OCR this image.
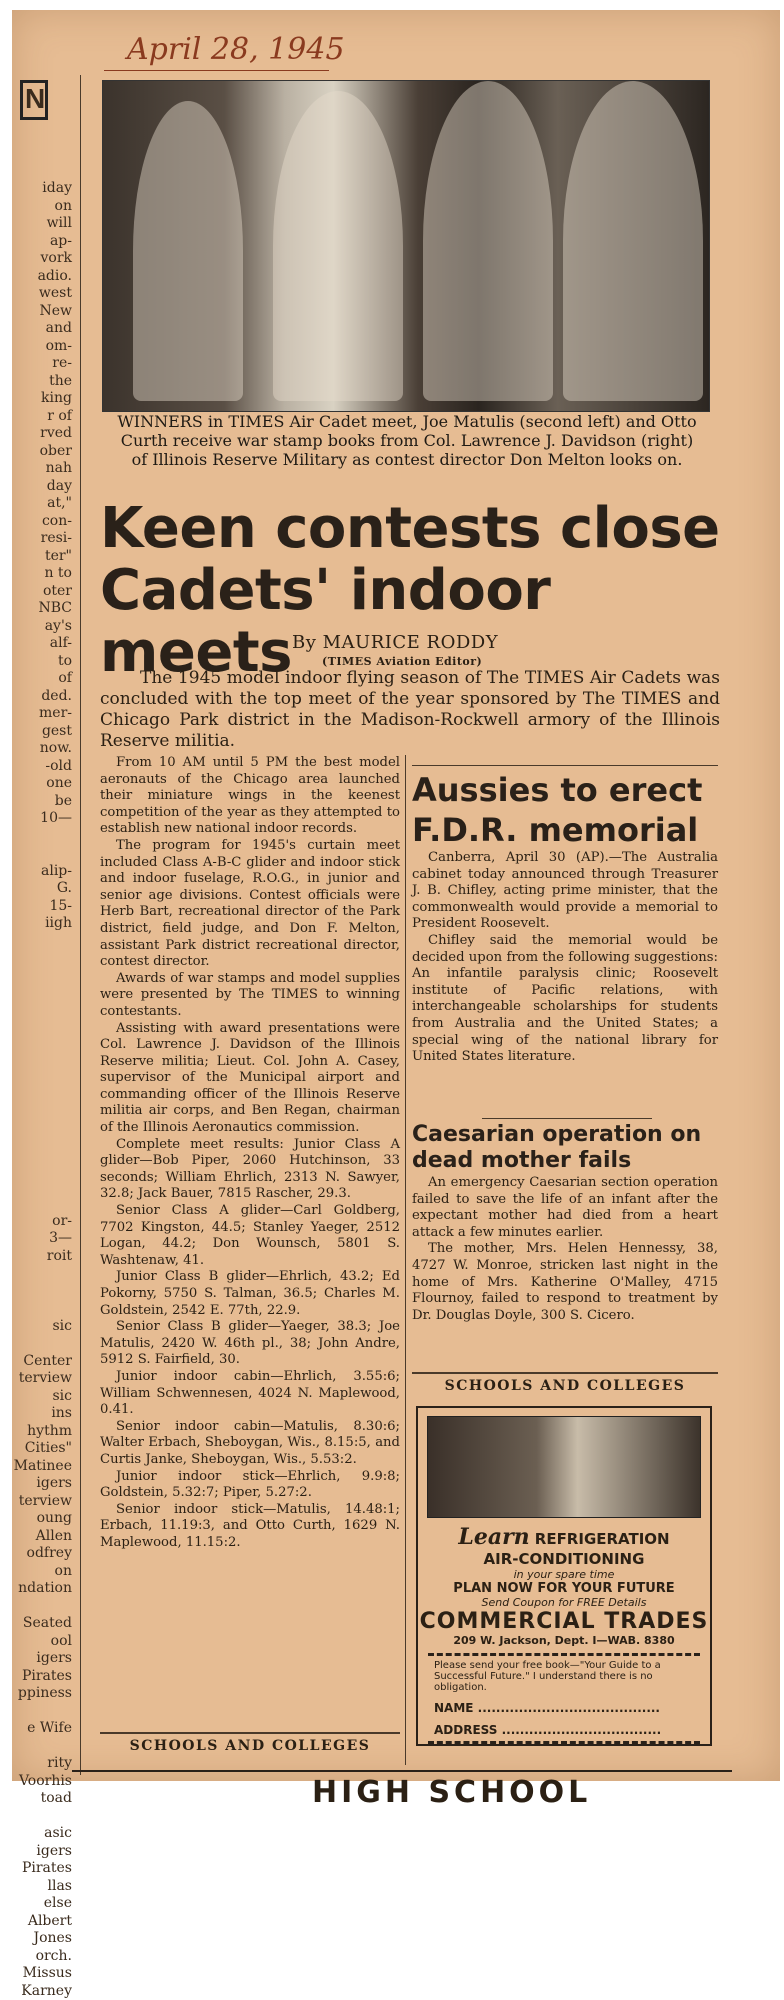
April 28, 1945
N
iday
on
will
ap-
vork
adio.
west
New
and
om-
re-
the
king
r of
rved
ober
nah
day
at,"
con-
resi-
ter"
n to
oter
NBC
ay's
alf-
to
of
ded.
mer-
gest
now.
-old
one
be
10—

alip-
G.
15-
iigh

or-
3—
roit

sic

Center
terview
sic
ins
hythm
Cities"
Matinee
igers
terview
oung
Allen
odfrey
on
ndation

Seated
ool
igers
Pirates
ppiness

e Wife

rity
Voorhis
toad

asic
igers
Pirates
llas
else
Albert
Jones
orch.
Missus
Karney
WINNERS in TIMES Air Cadet meet, Joe Matulis (second left) and Otto Curth receive war stamp books from Col. Lawrence J. Davidson (right) of Illinois Reserve Military as contest director Don Melton looks on.
Keen contests close
Cadets' indoor meets By MAURICE RODDY
(TIMES Aviation Editor)

The 1945 model indoor flying season of The TIMES Air Cadets was concluded with the top meet of the year sponsored by The TIMES and Chicago Park district in the Madison-Rockwell armory of the Illinois Reserve militia.

From 10 AM until 5 PM the best model aeronauts of the Chicago area launched their miniature wings in the keenest competition of the year as they attempted to establish new national indoor records.

The program for 1945's curtain meet included Class A-B-C glider and indoor stick and indoor fuselage, R.O.G., in junior and senior age divisions. Contest officials were Herb Bart, recreational director of the Park district, field judge, and Don F. Melton, assistant Park district recreational director, contest director.

Awards of war stamps and model supplies were presented by The TIMES to winning contestants.

Assisting with award presentations were Col. Lawrence J. Davidson of the Illinois Reserve militia; Lieut. Col. John A. Casey, supervisor of the Municipal airport and commanding officer of the Illinois Reserve militia air corps, and Ben Regan, chairman of the Illinois Aeronautics commission.

Complete meet results: Junior Class A glider—Bob Piper, 2060 Hutchinson, 33 seconds; William Ehrlich, 2313 N. Sawyer, 32.8; Jack Bauer, 7815 Rascher, 29.3.

Senior Class A glider—Carl Goldberg, 7702 Kingston, 44.5; Stanley Yaeger, 2512 Logan, 44.2; Don Wounsch, 5801 S. Washtenaw, 41.

Junior Class B glider—Ehrlich, 43.2; Ed Pokorny, 5750 S. Talman, 36.5; Charles M. Goldstein, 2542 E. 77th, 22.9.

Senior Class B glider—Yaeger, 38.3; Joe Matulis, 2420 W. 46th pl., 38; John Andre, 5912 S. Fairfield, 30.

Junior indoor cabin—Ehrlich, 3.55:6; William Schwennesen, 4024 N. Maplewood, 0.41.

Senior indoor cabin—Matulis, 8.30:6; Walter Erbach, Sheboygan, Wis., 8.15:5, and Curtis Janke, Sheboygan, Wis., 5.53:2.

Junior indoor stick—Ehrlich, 9.9:8; Goldstein, 5.32:7; Piper, 5.27:2.

Senior indoor stick—Matulis, 14.48:1; Erbach, 11.19:3, and Otto Curth, 1629 N. Maplewood, 11.15:2.

Aussies to erect F.D.R. memorial

Canberra, April 30 (AP).—The Australia cabinet today announced through Treasurer J. B. Chifley, acting prime minister, that the commonwealth would provide a memorial to President Roosevelt.

Chifley said the memorial would be decided upon from the following suggestions: An infantile paralysis clinic; Roosevelt institute of Pacific relations, with interchangeable scholarships for students from Australia and the United States; a special wing of the national library for United States literature.

Caesarian operation on dead mother fails

An emergency Caesarian section operation failed to save the life of an infant after the expectant mother had died from a heart attack a few minutes earlier.

The mother, Mrs. Helen Hennessy, 38, 4727 W. Monroe, stricken last night in the home of Mrs. Katherine O'Malley, 4715 Flournoy, failed to respond to treatment by Dr. Douglas Doyle, 300 S. Cicero.

SCHOOLS AND COLLEGES
Learn REFRIGERATION
AIR-CONDITIONING
in your spare time
PLAN NOW FOR YOUR FUTURE
Send Coupon for FREE Details
COMMERCIAL TRADES
209 W. Jackson, Dept. I—WAB. 8380
Please send your free book—"Your Guide to a Successful Future." I understand there is no obligation.
NAME ........................................
ADDRESS ...................................
SCHOOLS AND COLLEGES
HIGH SCHOOL
